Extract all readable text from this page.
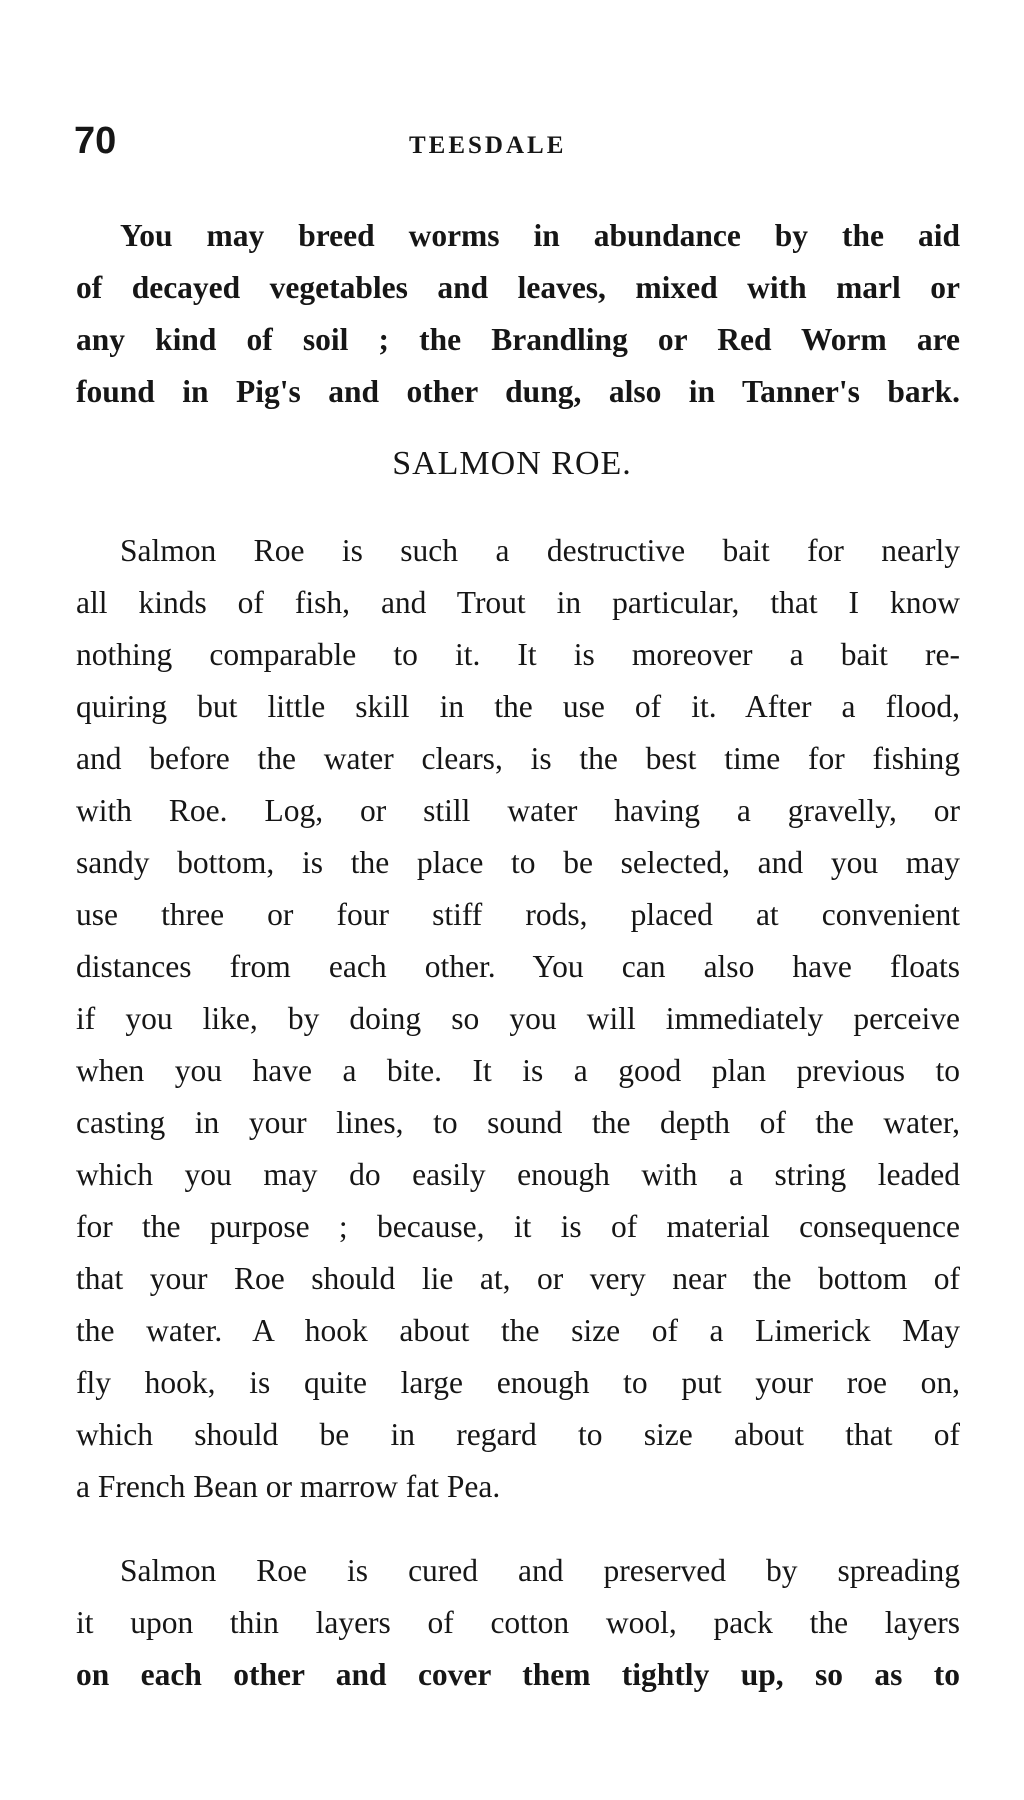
70	TEESDALE
You may breed worms in abundance by the aid
of decayed vegetables and leaves, mixed with marl or
any kind of soil ; the Brandling or Red Worm are
found in Pig's and other dung, also in Tanner's bark.
SALMON ROE.
Salmon Roe is such a destructive bait for nearly
all kinds of fish, and Trout in particular, that I know
nothing comparable to it. It is moreover a bait re-
quiring but little skill in the use of it. After a flood,
and before the water clears, is the best time for fishing
with Roe. Log, or still water having a gravelly, or
sandy bottom, is the place to be selected, and you may
use three or four stiff rods, placed at convenient
distances from each other. You can also have floats
if you like, by doing so you will immediately perceive
when you have a bite. It is a good plan previous to
casting in your lines, to sound the depth of the water,
which you may do easily enough with a string leaded
for the purpose ; because, it is of material consequence
that your Roe should lie at, or very near the bottom of
the water. A hook about the size of a Limerick May
fly hook, is quite large enough to put your roe on,
which should be in regard to size about that of
a French Bean or marrow fat Pea.
Salmon Roe is cured and preserved by spreading
it upon thin layers of cotton wool, pack the layers
on each other and cover them tightly up, so as to
